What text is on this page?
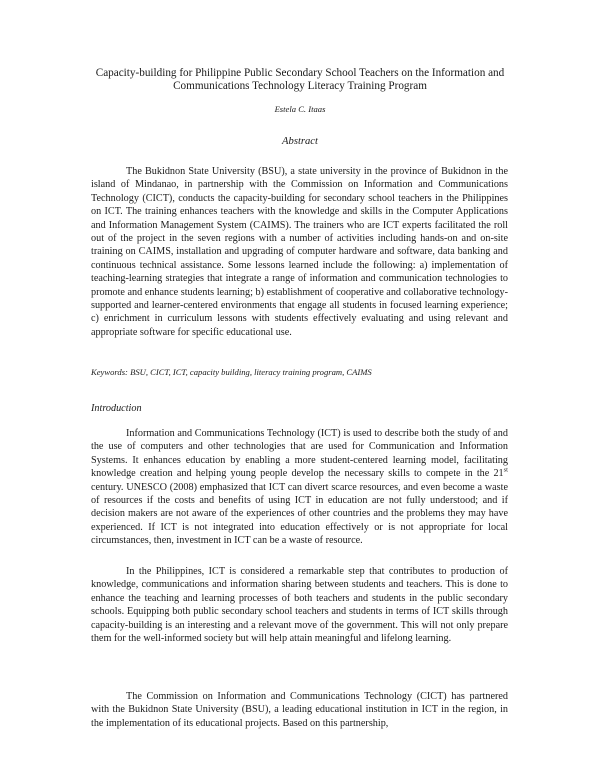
Capacity-building for Philippine Public Secondary School Teachers on the Information and
Communications Technology Literacy Training Program
Estela C. Itaas
Abstract

The Bukidnon State University (BSU), a state university in the province of Bukidnon in the island of Mindanao, in partnership with the Commission on Information and Communications Technology (CICT), conducts the capacity-building for secondary school teachers in the Philippines on ICT. The training enhances teachers with the knowledge and skills in the Computer Applications and Information Management System (CAIMS). The trainers who are ICT experts facilitated the roll out of the project in the seven regions with a number of activities including hands-on and on-site training on CAIMS, installation and upgrading of computer hardware and software, data banking and continuous technical assistance. Some lessons learned include the following: a) implementation of teaching-learning strategies that integrate a range of information and communication technologies to promote and enhance students learning; b) establishment of cooperative and collaborative technology-supported and learner-centered environments that engage all students in focused learning experience; c) enrichment in curriculum lessons with students effectively evaluating and using relevant and appropriate software for specific educational use.

Keywords: BSU, CICT, ICT, capacity building, literacy training program, CAIMS
Introduction

Information and Communications Technology (ICT) is used to describe both the study of and the use of computers and other technologies that are used for Communication and Information Systems. It enhances education by enabling a more student-centered learning model, facilitating knowledge creation and helping young people develop the necessary skills to compete in the 21st century. UNESCO (2008) emphasized that ICT can divert scarce resources, and even become a waste of resources if the costs and benefits of using ICT in education are not fully understood; and if decision makers are not aware of the experiences of other countries and the problems they may have experienced. If ICT is not integrated into education effectively or is not appropriate for local circumstances, then, investment in ICT can be a waste of resource.

In the Philippines, ICT is considered a remarkable step that contributes to production of knowledge, communications and information sharing between students and teachers. This is done to enhance the teaching and learning processes of both teachers and students in the public secondary schools. Equipping both public secondary school teachers and students in terms of ICT skills through capacity-building is an interesting and a relevant move of the government. This will not only prepare them for the well-informed society but will help attain meaningful and lifelong learning.

The Commission on Information and Communications Technology (CICT) has partnered with the Bukidnon State University (BSU), a leading educational institution in ICT in the region, in the implementation of its educational projects. Based on this partnership,
